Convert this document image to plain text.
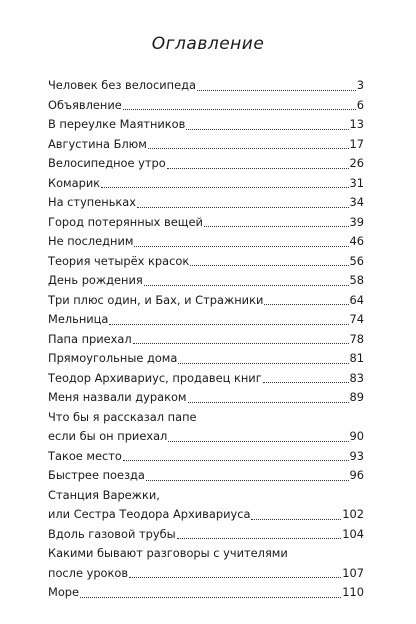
Оглавление
Человек без велосипеда	3
Объявление	6
В переулке Маятников	13
Августина Блюм	17
Велосипедное утро	26
Комарик	31
На ступеньках	34
Город потерянных вещей	39
Не последним	46
Теория четырёх красок	56
День рождения	58
Три плюс один, и Бах, и Стражники	64
Мельница	74
Папа приехал	78
Прямоугольные дома	81
Теодор Архивариус, продавец книг	83
Меня назвали дураком	89
Что бы я рассказал папе
если бы он приехал	90
Такое место	93
Быстрее поезда	96
Станция Варежки,
или Сестра Теодора Архивариуса	102
Вдоль газовой трубы	104
Какими бывают разговоры с учителями
после уроков	107
Море	110
